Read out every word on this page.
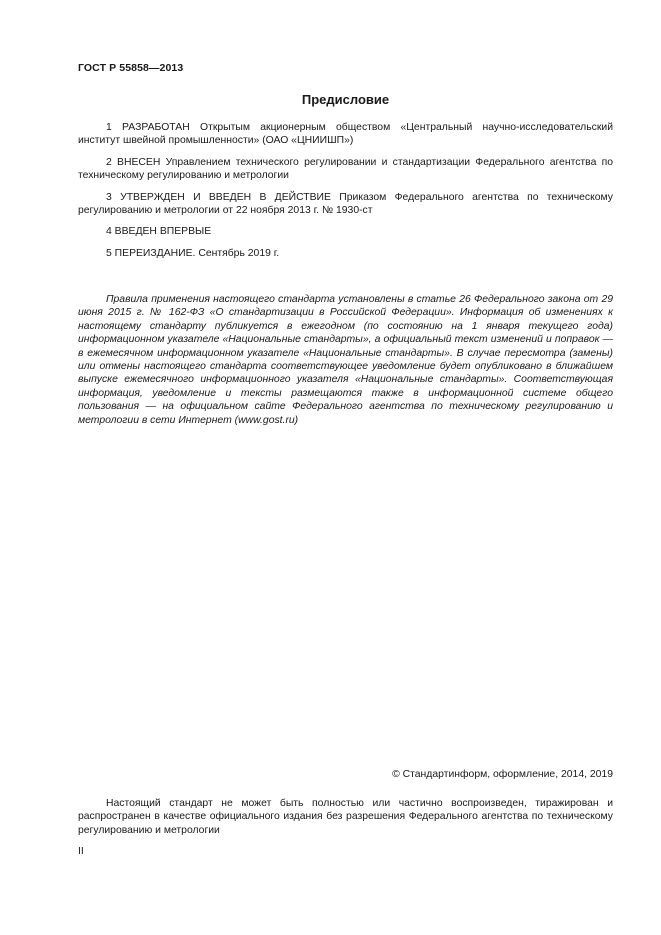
ГОСТ Р 55858—2013
Предисловие

1 РАЗРАБОТАН Открытым акционерным обществом «Центральный научно-исследовательский институт швейной промышленности» (ОАО «ЦНИИШП»)

2 ВНЕСЕН Управлением технического регулировании и стандартизации Федерального агентства по техническому регулированию и метрологии

3 УТВЕРЖДЕН И ВВЕДЕН В ДЕЙСТВИЕ Приказом Федерального агентства по техническому регулированию и метрологии от 22 ноября 2013 г. № 1930-ст

4 ВВЕДЕН ВПЕРВЫЕ

5 ПЕРЕИЗДАНИЕ. Сентябрь 2019 г.

Правила применения настоящего стандарта установлены в статье 26 Федерального закона от 29 июня 2015 г. № 162-ФЗ «О стандартизации в Российской Федерации». Информация об изменениях к настоящему стандарту публикуется в ежегодном (по состоянию на 1 января текущего года) информационном указателе «Национальные стандарты», а официальный текст изменений и поправок — в ежемесячном информационном указателе «Национальные стандарты». В случае пересмотра (замены) или отмены настоящего стандарта соответствующее уведомление будет опубликовано в ближайшем выпуске ежемесячного информационного указателя «Национальные стандарты». Соответствующая информация, уведомление и тексты размещаются также в информационной системе общего пользования — на официальном сайте Федерального агентства по техническому регулированию и метрологии в сети Интернет (www.gost.ru)

© Стандартинформ, оформление, 2014, 2019

Настоящий стандарт не может быть полностью или частично воспроизведен, тиражирован и распространен в качестве официального издания без разрешения Федерального агентства по техническому регулированию и метрологии

II
